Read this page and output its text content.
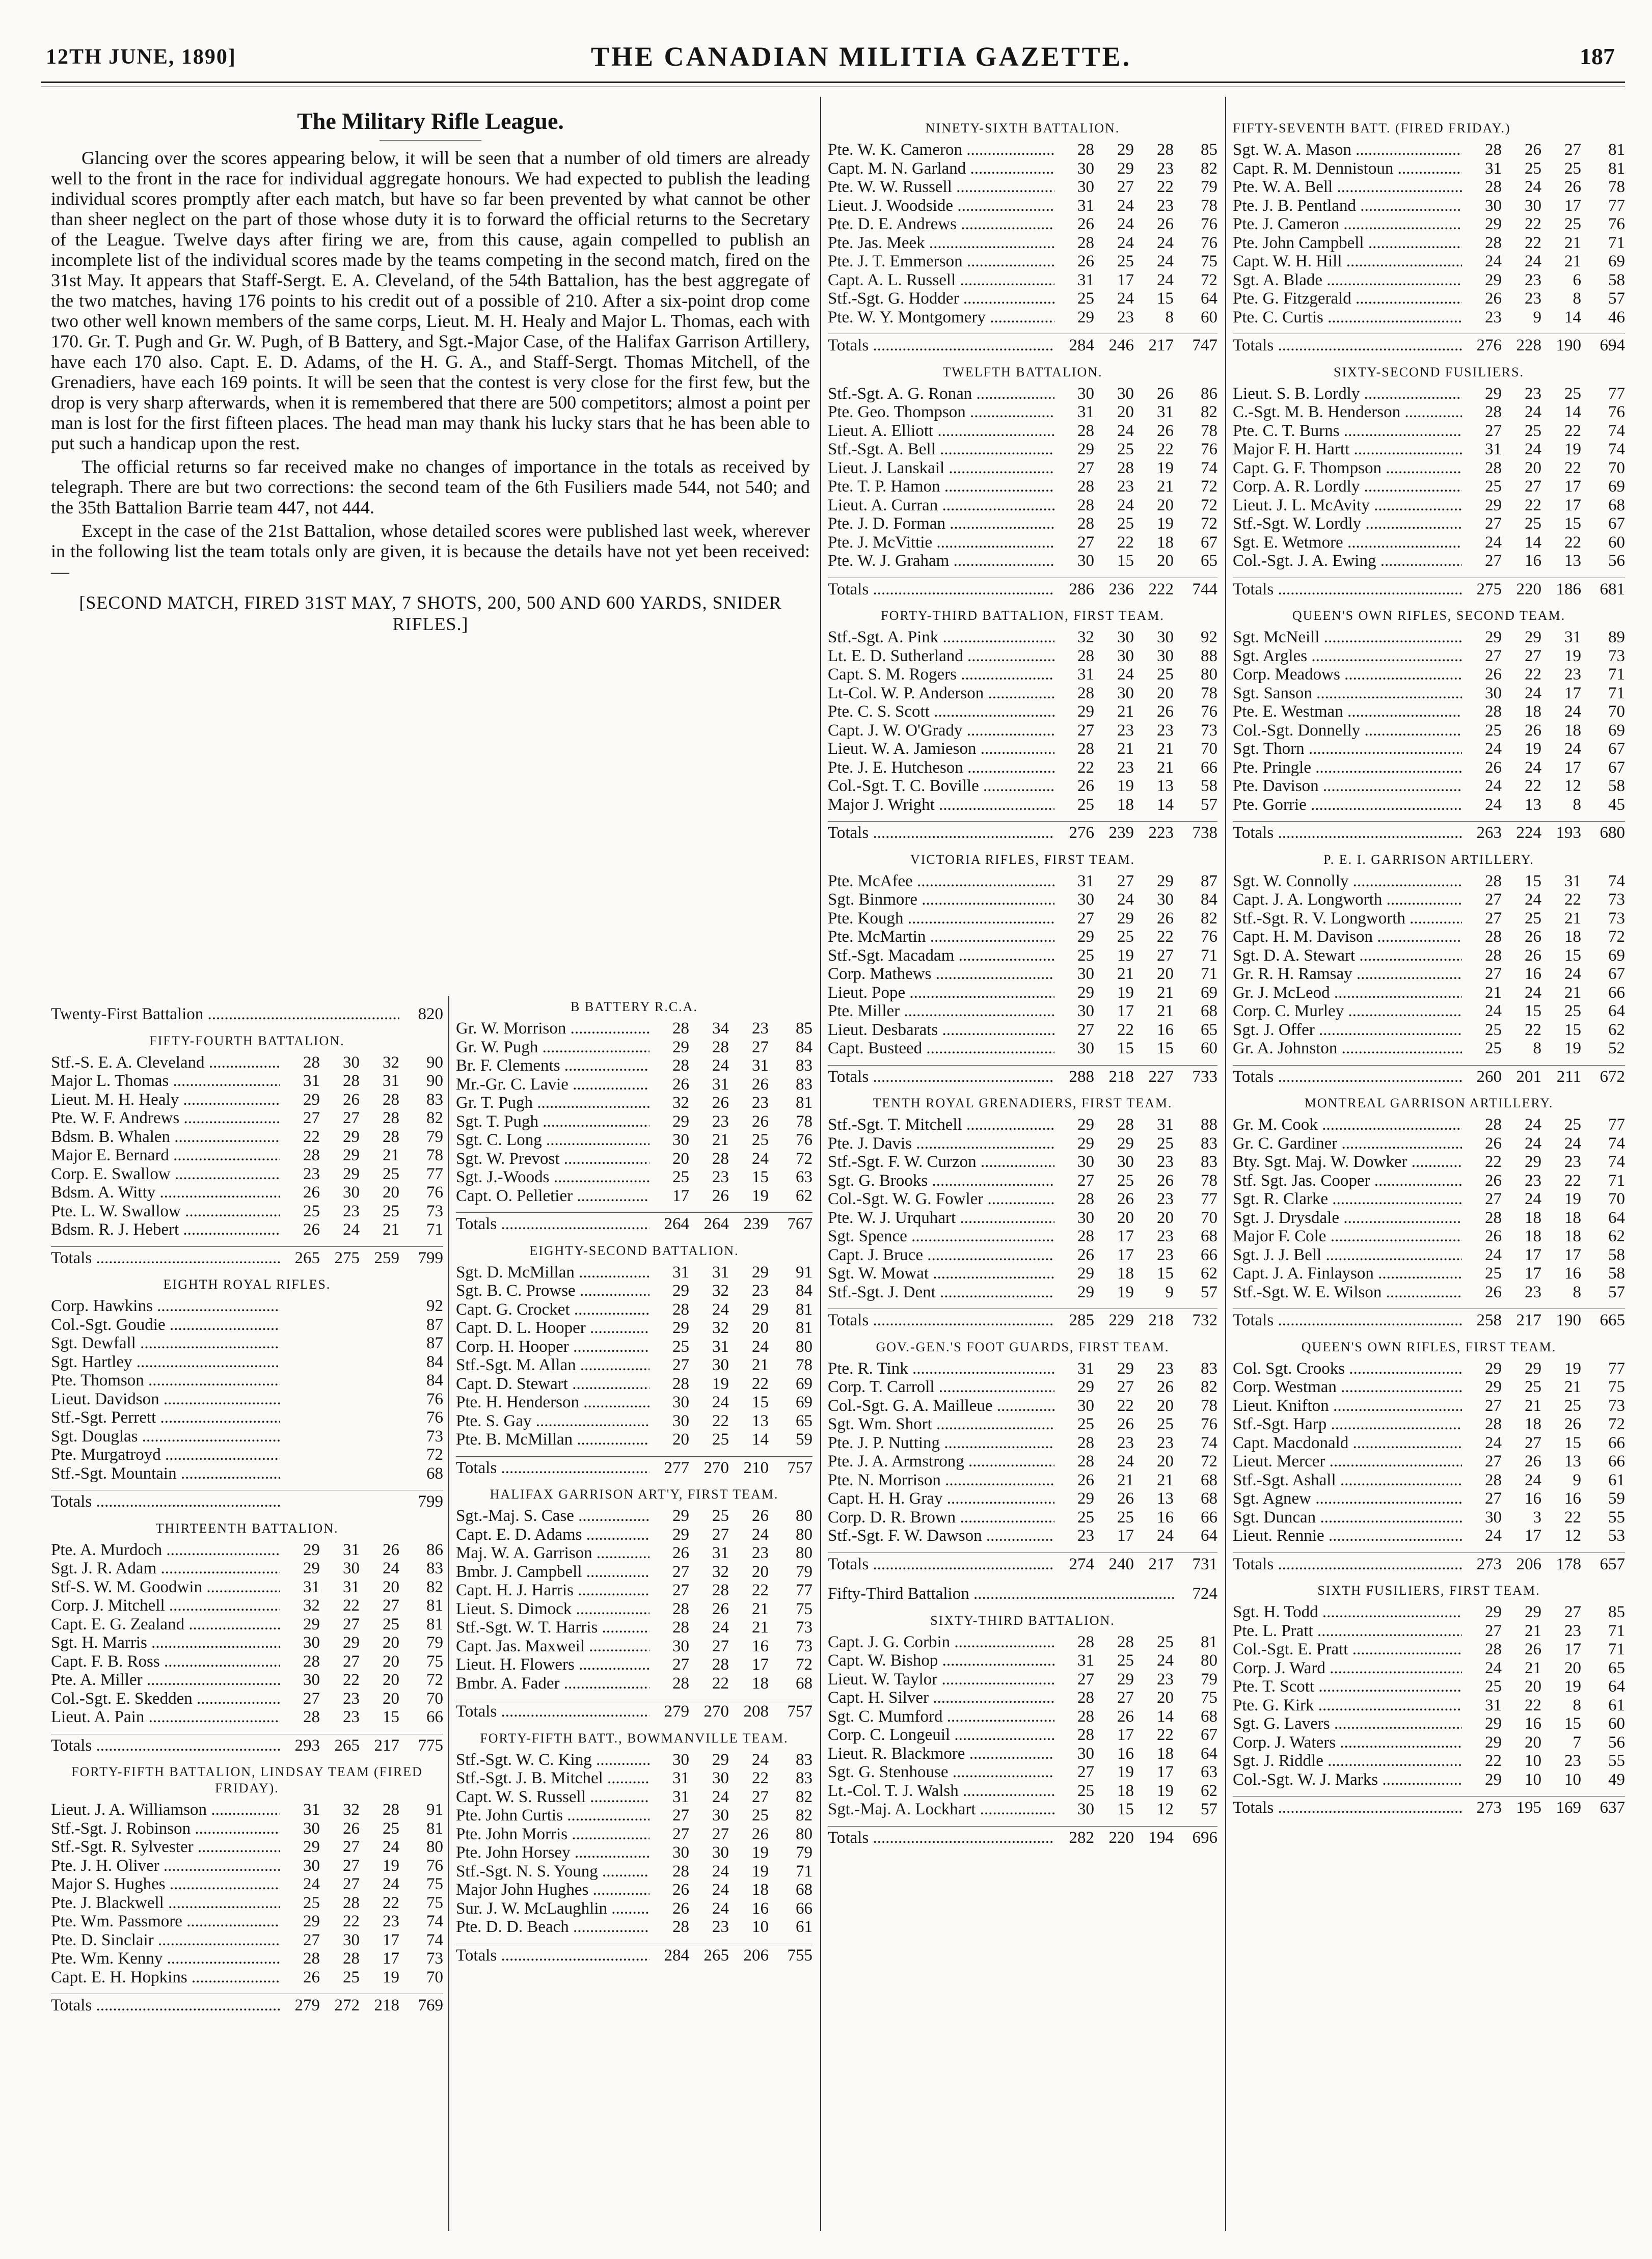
12TH JUNE, 1890]	THE CANADIAN MILITIA GAZETTE.	187
The Military Rifle League.

Glancing over the scores appearing below, it will be seen that a number of old timers are already well to the front in the race for individual aggregate honours. We had expected to publish the leading individual scores promptly after each match, but have so far been prevented by what cannot be other than sheer neglect on the part of those whose duty it is to forward the official returns to the Secretary of the League. Twelve days after firing we are, from this cause, again compelled to publish an incomplete list of the individual scores made by the teams competing in the second match, fired on the 31st May. It appears that Staff-Sergt. E. A. Cleveland, of the 54th Battalion, has the best aggregate of the two matches, having 176 points to his credit out of a possible of 210. After a six-point drop come two other well known members of the same corps, Lieut. M. H. Healy and Major L. Thomas, each with 170. Gr. T. Pugh and Gr. W. Pugh, of B Battery, and Sgt.-Major Case, of the Halifax Garrison Artillery, have each 170 also. Capt. E. D. Adams, of the H. G. A., and Staff-Sergt. Thomas Mitchell, of the Grenadiers, have each 169 points. It will be seen that the contest is very close for the first few, but the drop is very sharp afterwards, when it is remembered that there are 500 competitors; almost a point per man is lost for the first fifteen places. The head man may thank his lucky stars that he has been able to put such a handicap upon the rest.

The official returns so far received make no changes of importance in the totals as received by telegraph. There are but two corrections: the second team of the 6th Fusiliers made 544, not 540; and the 35th Battalion Barrie team 447, not 444.

Except in the case of the 21st Battalion, whose detailed scores were published last week, wherever in the following list the team totals only are given, it is because the details have not yet been received:—

[SECOND MATCH, FIRED 31ST MAY, 7 SHOTS, 200, 500 AND 600 YARDS, SNIDER RIFLES.]
Twenty-First Battalion .....	820
FIFTY-FOURTH BATTALION.
Stf.-S. E. A. Cleveland .....	28	30	32	90
Major L. Thomas .....	31	28	31	90
Lieut. M. H. Healy .....	29	26	28	83
Pte. W. F. Andrews .....	27	27	28	82
Bdsm. B. Whalen .....	22	29	28	79
Major E. Bernard .....	28	29	21	78
Corp. E. Swallow .....	23	29	25	77
Bdsm. A. Witty .....	26	30	20	76
Pte. L. W. Swallow .....	25	23	25	73
Bdsm. R. J. Hebert .....	26	24	21	71
Totals .....	265 275 259	799
EIGHTH ROYAL RIFLES.
Corp. Hawkins .....	92
Col.-Sgt. Goudie .....	87
Sgt. Dewfall .....	87
Sgt. Hartley .....	84
Pte. Thomson .....	84
Lieut. Davidson .....	76
Stf.-Sgt. Perrett .....	76
Sgt. Douglas .....	73
Pte. Murgatroyd .....	72
Stf.-Sgt. Mountain .....	68
Totals .....	799
THIRTEENTH BATTALION.
Pte. A. Murdoch .....	29	31	26	86
Sgt. J. R. Adam .....	29	30	24	83
Stf-S. W. M. Goodwin .....	31	31	20	82
Corp. J. Mitchell .....	32	22	27	81
Capt. E. G. Zealand .....	29	27	25	81
Sgt. H. Marris .....	30	29	20	79
Capt. F. B. Ross .....	28	27	20	75
Pte. A. Miller .....	30	22	20	72
Col.-Sgt. E. Skedden .....	27	23	20	70
Lieut. A. Pain .....	28	23	15	66
Totals .....	293 265 217	775
FORTY-FIFTH BATTALION, LINDSAY TEAM (FIRED FRIDAY).
Lieut. J. A. Williamson .....	31	32	28	91
Stf.-Sgt. J. Robinson .....	30	26	25	81
Stf.-Sgt. R. Sylvester .....	29	27	24	80
Pte. J. H. Oliver .....	30	27	19	76
Major S. Hughes .....	24	27	24	75
Pte. J. Blackwell .....	25	28	22	75
Pte. Wm. Passmore .....	29	22	23	74
Pte. D. Sinclair .....	27	30	17	74
Pte. Wm. Kenny .....	28	28	17	73
Capt. E. H. Hopkins .....	26	25	19	70
Totals .....	279 272 218	769
B BATTERY R.C.A.
Gr. W. Morrison .....	28	34	23	85
Gr. W. Pugh .....	29	28	27	84
Br. F. Clements .....	28	24	31	83
Mr.-Gr. C. Lavie .....	26	31	26	83
Gr. T. Pugh .....	32	26	23	81
Sgt. T. Pugh .....	29	23	26	78
Sgt. C. Long .....	30	21	25	76
Sgt. W. Prevost .....	20	28	24	72
Sgt. J.-Woods .....	25	23	15	63
Capt. O. Pelletier .....	17	26	19	62
Totals .....	264 264 239	767
EIGHTY-SECOND BATTALION.
Sgt. D. McMillan .....	31	31	29	91
Sgt. B. C. Prowse .....	29	32	23	84
Capt. G. Crocket .....	28	24	29	81
Capt. D. L. Hooper .....	29	32	20	81
Corp. H. Hooper .....	25	31	24	80
Stf.-Sgt. M. Allan .....	27	30	21	78
Capt. D. Stewart .....	28	19	22	69
Pte. H. Henderson .....	30	24	15	69
Pte. S. Gay .....	30	22	13	65
Pte. B. McMillan .....	20	25	14	59
Totals .....	277 270 210	757
HALIFAX GARRISON ART'Y, FIRST TEAM.
Sgt.-Maj. S. Case .....	29	25	26	80
Capt. E. D. Adams .....	29	27	24	80
Maj. W. A. Garrison .....	26	31	23	80
Bmbr. J. Campbell .....	27	32	20	79
Capt. H. J. Harris .....	27	28	22	77
Lieut. S. Dimock .....	28	26	21	75
Stf.-Sgt. W. T. Harris .....	28	24	21	73
Capt. Jas. Maxweil .....	30	27	16	73
Lieut. H. Flowers .....	27	28	17	72
Bmbr. A. Fader .....	28	22	18	68
Totals .....	279 270 208	757
FORTY-FIFTH BATT., BOWMANVILLE TEAM.
Stf.-Sgt. W. C. King .....	30	29	24	83
Stf.-Sgt. J. B. Mitchel .....	31	30	22	83
Capt. W. S. Russell .....	31	24	27	82
Pte. John Curtis .....	27	30	25	82
Pte. John Morris .....	27	27	26	80
Pte. John Horsey .....	30	30	19	79
Stf.-Sgt. N. S. Young .....	28	24	19	71
Major John Hughes .....	26	24	18	68
Sur. J. W. McLaughlin .....	26	24	16	66
Pte. D. D. Beach .....	28	23	10	61
Totals .....	284 265 206	755
NINETY-SIXTH BATTALION.
Pte. W. K. Cameron .....	28	29	28	85
Capt. M. N. Garland .....	30	29	23	82
Pte. W. W. Russell .....	30	27	22	79
Lieut. J. Woodside .....	31	24	23	78
Pte. D. E. Andrews .....	26	24	26	76
Pte. Jas. Meek .....	28	24	24	76
Pte. J. T. Emmerson .....	26	25	24	75
Capt. A. L. Russell .....	31	17	24	72
Stf.-Sgt. G. Hodder .....	25	24	15	64
Pte. W. Y. Montgomery .....	29	23	8	60
Totals .....	284 246 217	747
TWELFTH BATTALION.
Stf.-Sgt. A. G. Ronan .....	30	30	26	86
Pte. Geo. Thompson .....	31	20	31	82
Lieut. A. Elliott .....	28	24	26	78
Stf.-Sgt. A. Bell .....	29	25	22	76
Lieut. J. Lanskail .....	27	28	19	74
Pte. T. P. Hamon .....	28	23	21	72
Lieut. A. Curran .....	28	24	20	72
Pte. J. D. Forman .....	28	25	19	72
Pte. J. McVittie .....	27	22	18	67
Pte. W. J. Graham .....	30	15	20	65
Totals .....	286 236 222	744
FORTY-THIRD BATTALION, FIRST TEAM.
Stf.-Sgt. A. Pink .....	32	30	30	92
Lt. E. D. Sutherland .....	28	30	30	88
Capt. S. M. Rogers .....	31	24	25	80
Lt-Col. W. P. Anderson .....	28	30	20	78
Pte. C. S. Scott .....	29	21	26	76
Capt. J. W. O'Grady .....	27	23	23	73
Lieut. W. A. Jamieson .....	28	21	21	70
Pte. J. E. Hutcheson .....	22	23	21	66
Col.-Sgt. T. C. Boville .....	26	19	13	58
Major J. Wright .....	25	18	14	57
Totals .....	276 239 223	738
VICTORIA RIFLES, FIRST TEAM.
Pte. McAfee .....	31	27	29	87
Sgt. Binmore .....	30	24	30	84
Pte. Kough .....	27	29	26	82
Pte. McMartin .....	29	25	22	76
Stf.-Sgt. Macadam .....	25	19	27	71
Corp. Mathews .....	30	21	20	71
Lieut. Pope .....	29	19	21	69
Pte. Miller .....	30	17	21	68
Lieut. Desbarats .....	27	22	16	65
Capt. Busteed .....	30	15	15	60
Totals .....	288 218 227	733
TENTH ROYAL GRENADIERS, FIRST TEAM.
Stf.-Sgt. T. Mitchell .....	29	28	31	88
Pte. J. Davis .....	29	29	25	83
Stf.-Sgt. F. W. Curzon .....	30	30	23	83
Sgt. G. Brooks .....	27	25	26	78
Col.-Sgt. W. G. Fowler .....	28	26	23	77
Pte. W. J. Urquhart .....	30	20	20	70
Sgt. Spence .....	28	17	23	68
Capt. J. Bruce .....	26	17	23	66
Sgt. W. Mowat .....	29	18	15	62
Stf.-Sgt. J. Dent .....	29	19	9	57
Totals .....	285 229 218	732
GOV.-GEN.'S FOOT GUARDS, FIRST TEAM.
Pte. R. Tink .....	31	29	23	83
Corp. T. Carroll .....	29	27	26	82
Col.-Sgt. G. A. Mailleue .....	30	22	20	78
Sgt. Wm. Short .....	25	26	25	76
Pte. J. P. Nutting .....	28	23	23	74
Pte. J. A. Armstrong .....	28	24	20	72
Pte. N. Morrison .....	26	21	21	68
Capt. H. H. Gray .....	29	26	13	68
Corp. D. R. Brown .....	25	25	16	66
Stf.-Sgt. F. W. Dawson .....	23	17	24	64
Totals .....	274 240 217	731
Fifty-Third Battalion .....	724
SIXTY-THIRD BATTALION.
Capt. J. G. Corbin .....	28	28	25	81
Capt. W. Bishop .....	31	25	24	80
Lieut. W. Taylor .....	27	29	23	79
Capt. H. Silver .....	28	27	20	75
Sgt. C. Mumford .....	28	26	14	68
Corp. C. Longeuil .....	28	17	22	67
Lieut. R. Blackmore .....	30	16	18	64
Sgt. G. Stenhouse .....	27	19	17	63
Lt.-Col. T. J. Walsh .....	25	18	19	62
Sgt.-Maj. A. Lockhart .....	30	15	12	57
Totals .....	282 220 194	696
FIFTY-SEVENTH BATT. (FIRED FRIDAY.)
Sgt. W. A. Mason .....	28	26	27	81
Capt. R. M. Dennistoun .....	31	25	25	81
Pte. W. A. Bell .....	28	24	26	78
Pte. J. B. Pentland .....	30	30	17	77
Pte. J. Cameron .....	29	22	25	76
Pte. John Campbell .....	28	22	21	71
Capt. W. H. Hill .....	24	24	21	69
Sgt. A. Blade .....	29	23	6	58
Pte. G. Fitzgerald .....	26	23	8	57
Pte. C. Curtis .....	23	9	14	46
Totals .....	276 228 190	694
SIXTY-SECOND FUSILIERS.
Lieut. S. B. Lordly .....	29	23	25	77
C.-Sgt. M. B. Henderson .....	28	24	14	76
Pte. C. T. Burns .....	27	25	22	74
Major F. H. Hartt .....	31	24	19	74
Capt. G. F. Thompson .....	28	20	22	70
Corp. A. R. Lordly .....	25	27	17	69
Lieut. J. L. McAvity .....	29	22	17	68
Stf.-Sgt. W. Lordly .....	27	25	15	67
Sgt. E. Wetmore .....	24	14	22	60
Col.-Sgt. J. A. Ewing .....	27	16	13	56
Totals .....	275 220 186	681
QUEEN'S OWN RIFLES, SECOND TEAM.
Sgt. McNeill .....	29	29	31	89
Sgt. Argles .....	27	27	19	73
Corp. Meadows .....	26	22	23	71
Sgt. Sanson .....	30	24	17	71
Pte. E. Westman .....	28	18	24	70
Col.-Sgt. Donnelly .....	25	26	18	69
Sgt. Thorn .....	24	19	24	67
Pte. Pringle .....	26	24	17	67
Pte. Davison .....	24	22	12	58
Pte. Gorrie .....	24	13	8	45
Totals .....	263 224 193	680
P. E. I. GARRISON ARTILLERY.
Sgt. W. Connolly .....	28	15	31	74
Capt. J. A. Longworth .....	27	24	22	73
Stf.-Sgt. R. V. Longworth .....	27	25	21	73
Capt. H. M. Davison .....	28	26	18	72
Sgt. D. A. Stewart .....	28	26	15	69
Gr. R. H. Ramsay .....	27	16	24	67
Gr. J. McLeod .....	21	24	21	66
Corp. C. Murley .....	24	15	25	64
Sgt. J. Offer .....	25	22	15	62
Gr. A. Johnston .....	25	8	19	52
Totals .....	260 201 211	672
MONTREAL GARRISON ARTILLERY.
Gr. M. Cook .....	28	24	25	77
Gr. C. Gardiner .....	26	24	24	74
Bty. Sgt. Maj. W. Dowker .....	22	29	23	74
Stf. Sgt. Jas. Cooper .....	26	23	22	71
Sgt. R. Clarke .....	27	24	19	70
Sgt. J. Drysdale .....	28	18	18	64
Major F. Cole .....	26	18	18	62
Sgt. J. J. Bell .....	24	17	17	58
Capt. J. A. Finlayson .....	25	17	16	58
Stf.-Sgt. W. E. Wilson .....	26	23	8	57
Totals .....	258 217 190	665
QUEEN'S OWN RIFLES, FIRST TEAM.
Col. Sgt. Crooks .....	29	29	19	77
Corp. Westman .....	29	25	21	75
Lieut. Knifton .....	27	21	25	73
Stf.-Sgt. Harp .....	28	18	26	72
Capt. Macdonald .....	24	27	15	66
Lieut. Mercer .....	27	26	13	66
Stf.-Sgt. Ashall .....	28	24	9	61
Sgt. Agnew .....	27	16	16	59
Sgt. Duncan .....	30	3	22	55
Lieut. Rennie .....	24	17	12	53
Totals .....	273 206 178	657
SIXTH FUSILIERS, FIRST TEAM.
Sgt. H. Todd .....	29	29	27	85
Pte. L. Pratt .....	27	21	23	71
Col.-Sgt. E. Pratt .....	28	26	17	71
Corp. J. Ward .....	24	21	20	65
Pte. T. Scott .....	25	20	19	64
Pte. G. Kirk .....	31	22	8	61
Sgt. G. Lavers .....	29	16	15	60
Corp. J. Waters .....	29	20	7	56
Sgt. J. Riddle .....	22	10	23	55
Col.-Sgt. W. J. Marks .....	29	10	10	49
Totals .....	273 195 169	637
